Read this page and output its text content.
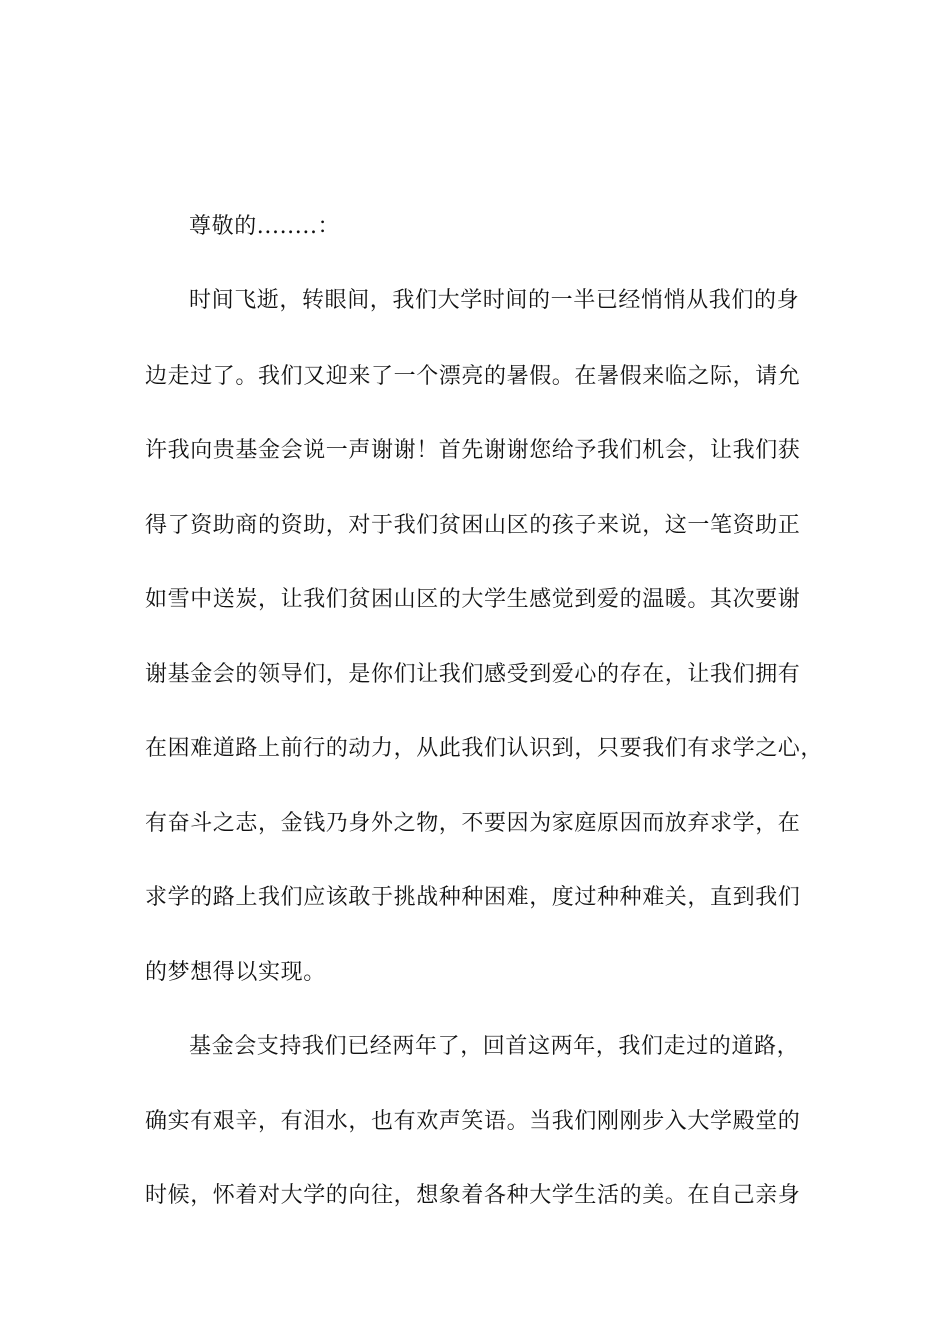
尊敬的........：
时间飞逝，转眼间，我们大学时间的一半已经悄悄从我们的身
边走过了。我们又迎来了一个漂亮的暑假。在暑假来临之际，请允
许我向贵基金会说一声谢谢！首先谢谢您给予我们机会，让我们获
得了资助商的资助，对于我们贫困山区的孩子来说，这一笔资助正
如雪中送炭，让我们贫困山区的大学生感觉到爱的温暖。其次要谢
谢基金会的领导们，是你们让我们感受到爱心的存在，让我们拥有
在困难道路上前行的动力，从此我们认识到，只要我们有求学之心，
有奋斗之志，金钱乃身外之物，不要因为家庭原因而放弃求学，在
求学的路上我们应该敢于挑战种种困难，度过种种难关，直到我们
的梦想得以实现。
基金会支持我们已经两年了，回首这两年，我们走过的道路，
确实有艰辛，有泪水，也有欢声笑语。当我们刚刚步入大学殿堂的
时候，怀着对大学的向往，想象着各种大学生活的美。在自己亲身
